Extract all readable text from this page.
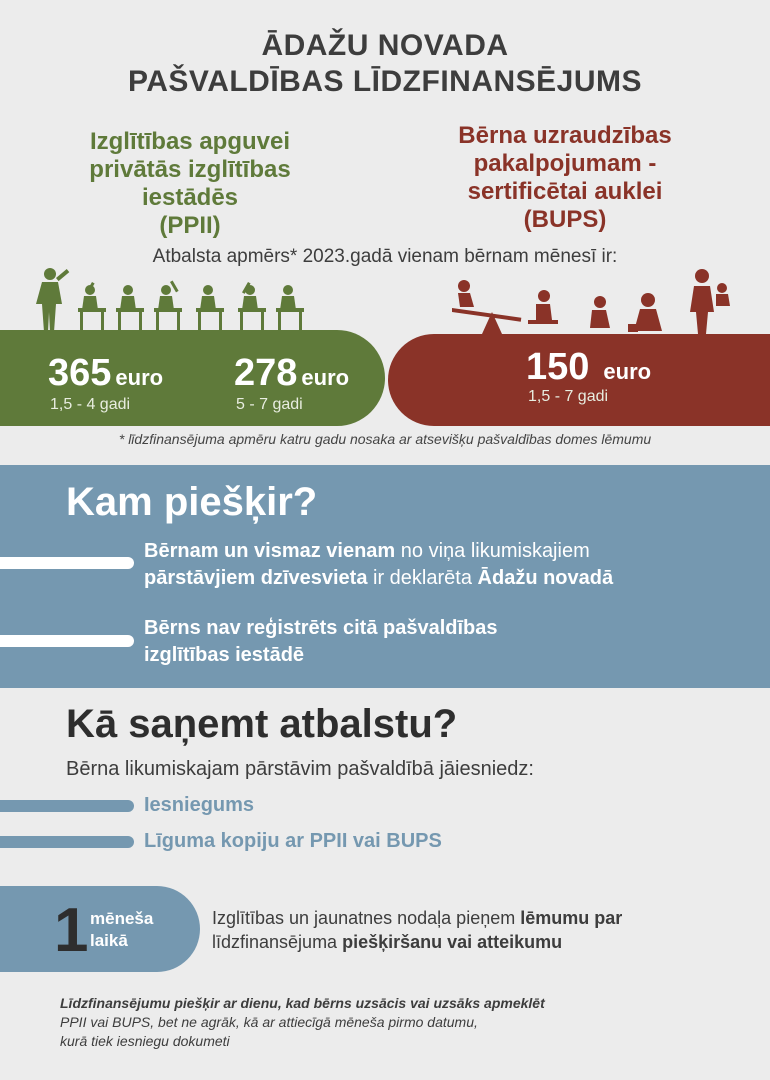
ĀDAŽU NOVADA
PAŠVALDĪBAS LĪDZFINANSĒJUMS
Izglītības apguvei
privātās izglītības
iestādēs
(PPII)
Bērna uzraudzības
pakalpojumam -
sertificētai auklei
(BUPS)
Atbalsta apmērs* 2023.gadā vienam bērnam mēnesī ir:
365 euro
1,5 - 4 gadi
278 euro
5 - 7 gadi
150 euro
1,5 - 7 gadi
* līdzfinansējuma apmēru katru gadu nosaka ar atsevišķu pašvaldības domes lēmumu
Kam piešķir?
Bērnam un vismaz vienam no viņa likumiskajiem
pārstāvjiem dzīvesvieta ir deklarēta Ādažu novadā
Bērns nav reģistrēts citā pašvaldības
izglītības iestādē
Kā saņemt atbalstu?
Bērna likumiskajam pārstāvim pašvaldībā jāiesniedz:
Iesniegums
Līguma kopiju ar PPII vai BUPS
1 mēneša
laikā
Izglītības un jaunatnes nodaļa pieņem lēmumu par
līdzfinansējuma piešķiršanu vai atteikumu
Līdzfinansējumu piešķir ar dienu, kad bērns uzsācis vai uzsāks apmeklēt
PPII vai BUPS, bet ne agrāk, kā ar attiecīgā mēneša pirmo datumu,
kurā tiek iesniegu dokumeti
